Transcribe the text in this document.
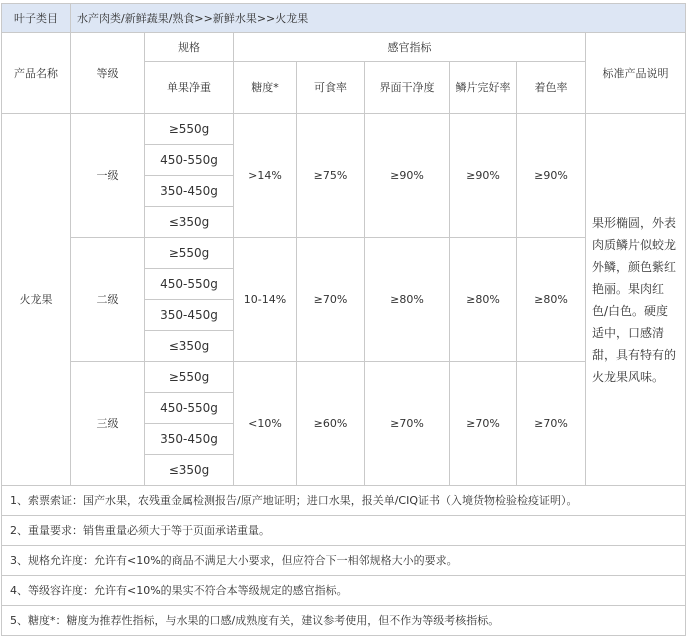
叶子类目	水产肉类/新鲜蔬果/熟食>>新鲜水果>>火龙果							
产品名称	等级	规格	感官指标					标准产品说明
		单果净重	糖度*	可食率	界面干净度	鳞片完好率	着色率	
火龙果	一级	≥550g	>14%	≥75%	≥90%	≥90%	≥90%	果形椭圆，外表肉质鳞片似蛟龙外鳞，颜色紫红艳丽。果肉红色/白色。硬度适中，口感清甜，具有特有的火龙果风味。
		450-550g						
		350-450g						
		≤350g						
	二级	≥550g	10-14%	≥70%	≥80%	≥80%	≥80%	
		450-550g						
		350-450g						
		≤350g						
	三级	≥550g	<10%	≥60%	≥70%	≥70%	≥70%	
		450-550g						
		350-450g						
		≤350g						
1、索票索证：国产水果，农残重金属检测报告/原产地证明；进口水果，报关单/CIQ证书（入境货物检验检疫证明）。								
2、重量要求：销售重量必须大于等于页面承诺重量。								
3、规格允许度：允许有<10%的商品不满足大小要求，但应符合下一相邻规格大小的要求。								
4、等级容许度：允许有<10%的果实不符合本等级规定的感官指标。								
5、糖度*：糖度为推荐性指标，与水果的口感/成熟度有关，建议参考使用，但不作为等级考核指标。								
